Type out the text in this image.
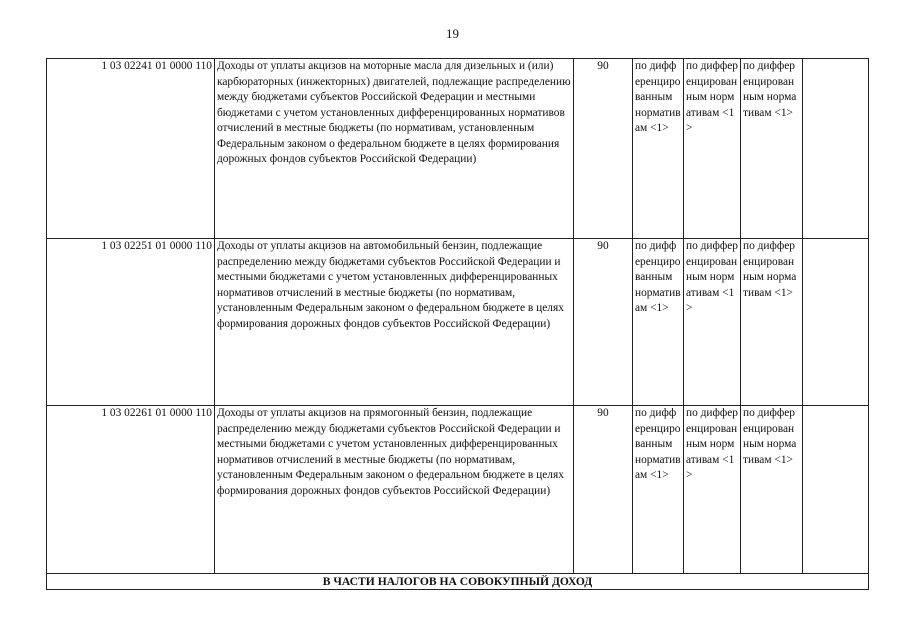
19
1 03 02241 01 0000 110	Доходы от уплаты акцизов на моторные масла для дизельных и (или) карбюраторных (инжекторных) двигателей, подлежащие распределению между бюджетами субъектов Российской Федерации и местными бюджетами с учетом установленных дифференцированных нормативов отчислений в местные бюджеты (по нормативам, установленным Федеральным законом о федеральном бюджете в целях формирования дорожных фондов субъектов Российской Федерации)	90	по дифференцированным нормативам <1>	по дифференцированным нормативам <1>	по дифференцированным нормативам <1>	
1 03 02251 01 0000 110	Доходы от уплаты акцизов на автомобильный бензин, подлежащие распределению между бюджетами субъектов Российской Федерации и местными бюджетами с учетом установленных дифференцированных нормативов отчислений в местные бюджеты (по нормативам, установленным Федеральным законом о федеральном бюджете в целях формирования дорожных фондов субъектов Российской Федерации)	90	по дифференцированным нормативам <1>	по дифференцированным нормативам <1>	по дифференцированным нормативам <1>	
1 03 02261 01 0000 110	Доходы от уплаты акцизов на прямогонный бензин, подлежащие распределению между бюджетами субъектов Российской Федерации и местными бюджетами с учетом установленных дифференцированных нормативов отчислений в местные бюджеты (по нормативам, установленным Федеральным законом о федеральном бюджете в целях формирования дорожных фондов субъектов Российской Федерации)	90	по дифференцированным нормативам <1>	по дифференцированным нормативам <1>	по дифференцированным нормативам <1>	
В ЧАСТИ НАЛОГОВ НА СОВОКУПНЫЙ ДОХОД						
